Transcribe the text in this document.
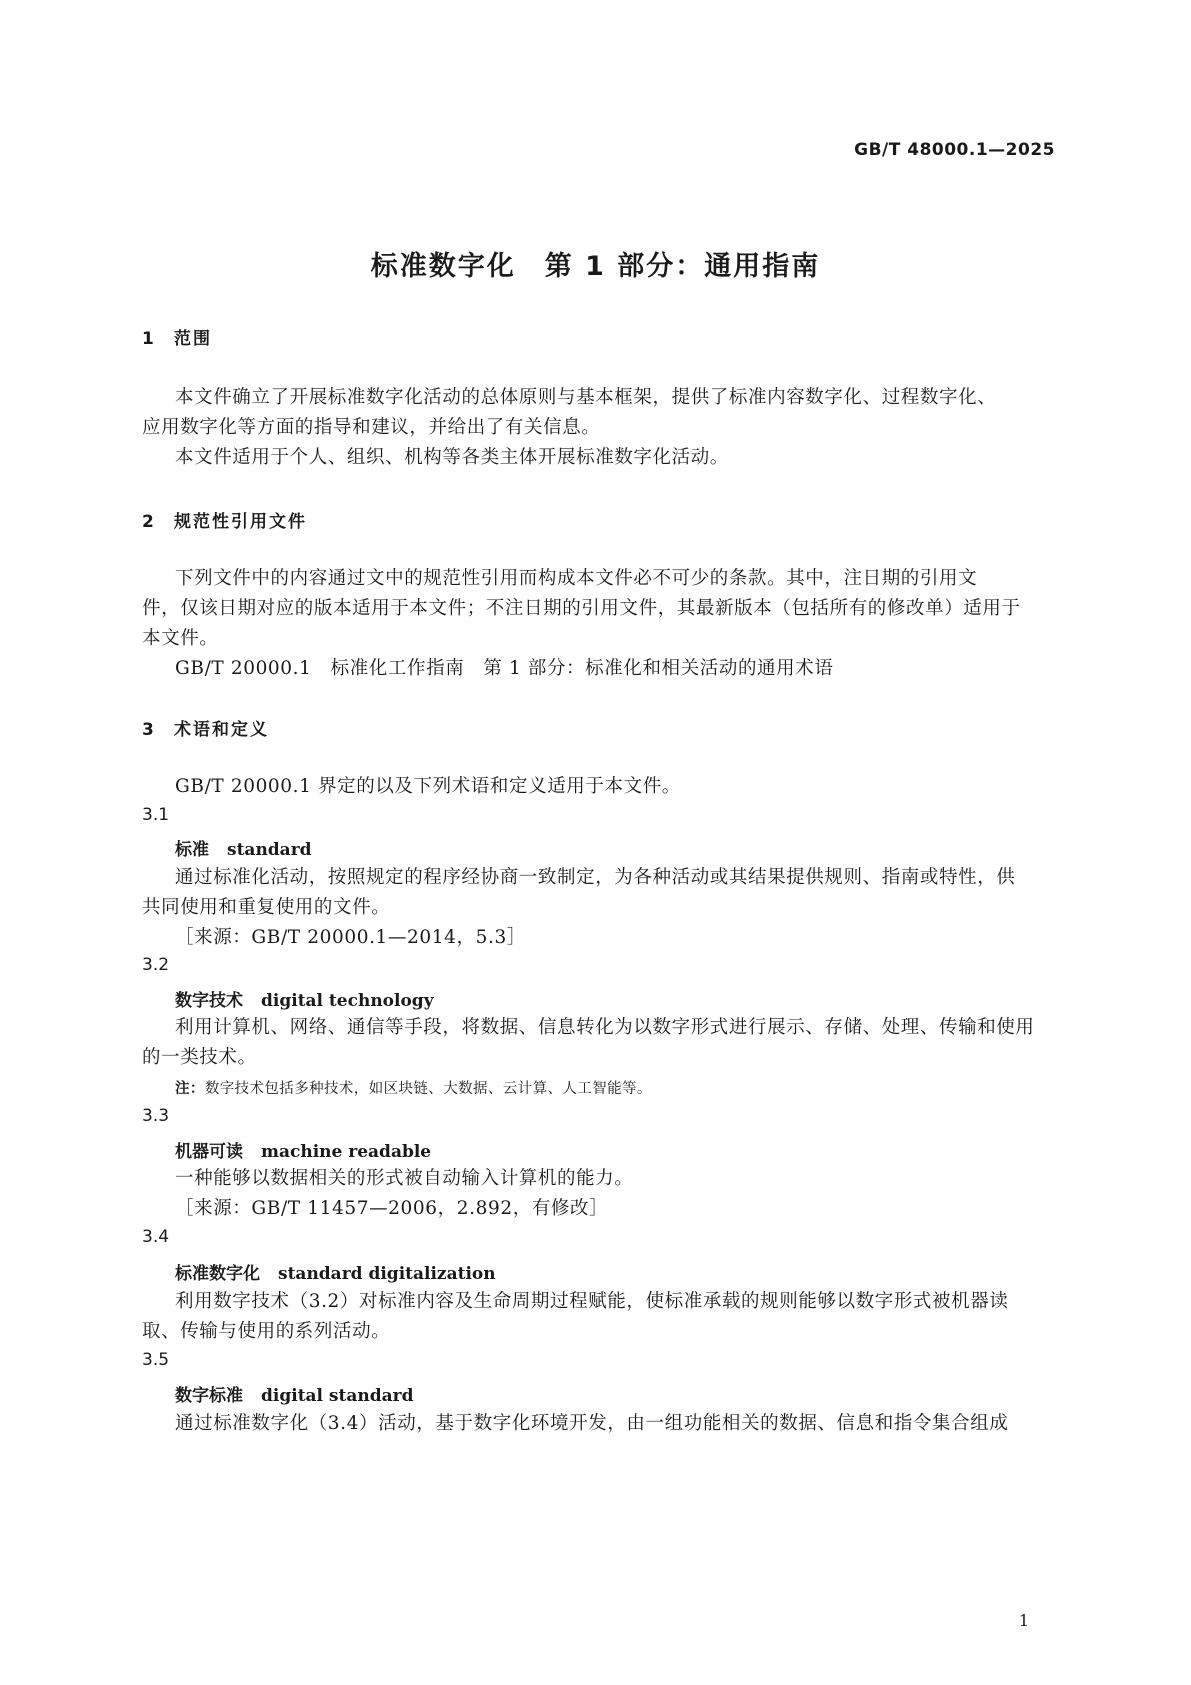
GB/T 48000.1—2025
标准数字化　第 1 部分：通用指南
1 范围
本文件确立了开展标准数字化活动的总体原则与基本框架，提供了标准内容数字化、过程数字化、
应用数字化等方面的指导和建议，并给出了有关信息。
本文件适用于个人、组织、机构等各类主体开展标准数字化活动。
2 规范性引用文件
下列文件中的内容通过文中的规范性引用而构成本文件必不可少的条款。其中，注日期的引用文
件，仅该日期对应的版本适用于本文件；不注日期的引用文件，其最新版本（包括所有的修改单）适用于
本文件。
GB/T 20000.1　标准化工作指南　第 1 部分：标准化和相关活动的通用术语
3 术语和定义
GB/T 20000.1 界定的以及下列术语和定义适用于本文件。
3.1
标准 standard
通过标准化活动，按照规定的程序经协商一致制定，为各种活动或其结果提供规则、指南或特性，供
共同使用和重复使用的文件。
［来源：GB/T 20000.1—2014，5.3］
3.2
数字技术 digital technology
利用计算机、网络、通信等手段，将数据、信息转化为以数字形式进行展示、存储、处理、传输和使用
的一类技术。
注：数字技术包括多种技术，如区块链、大数据、云计算、人工智能等。
3.3
机器可读 machine readable
一种能够以数据相关的形式被自动输入计算机的能力。
［来源：GB/T 11457—2006，2.892，有修改］
3.4
标准数字化 standard digitalization
利用数字技术（3.2）对标准内容及生命周期过程赋能，使标准承载的规则能够以数字形式被机器读
取、传输与使用的系列活动。
3.5
数字标准 digital standard
通过标准数字化（3.4）活动，基于数字化环境开发，由一组功能相关的数据、信息和指令集合组成
1
